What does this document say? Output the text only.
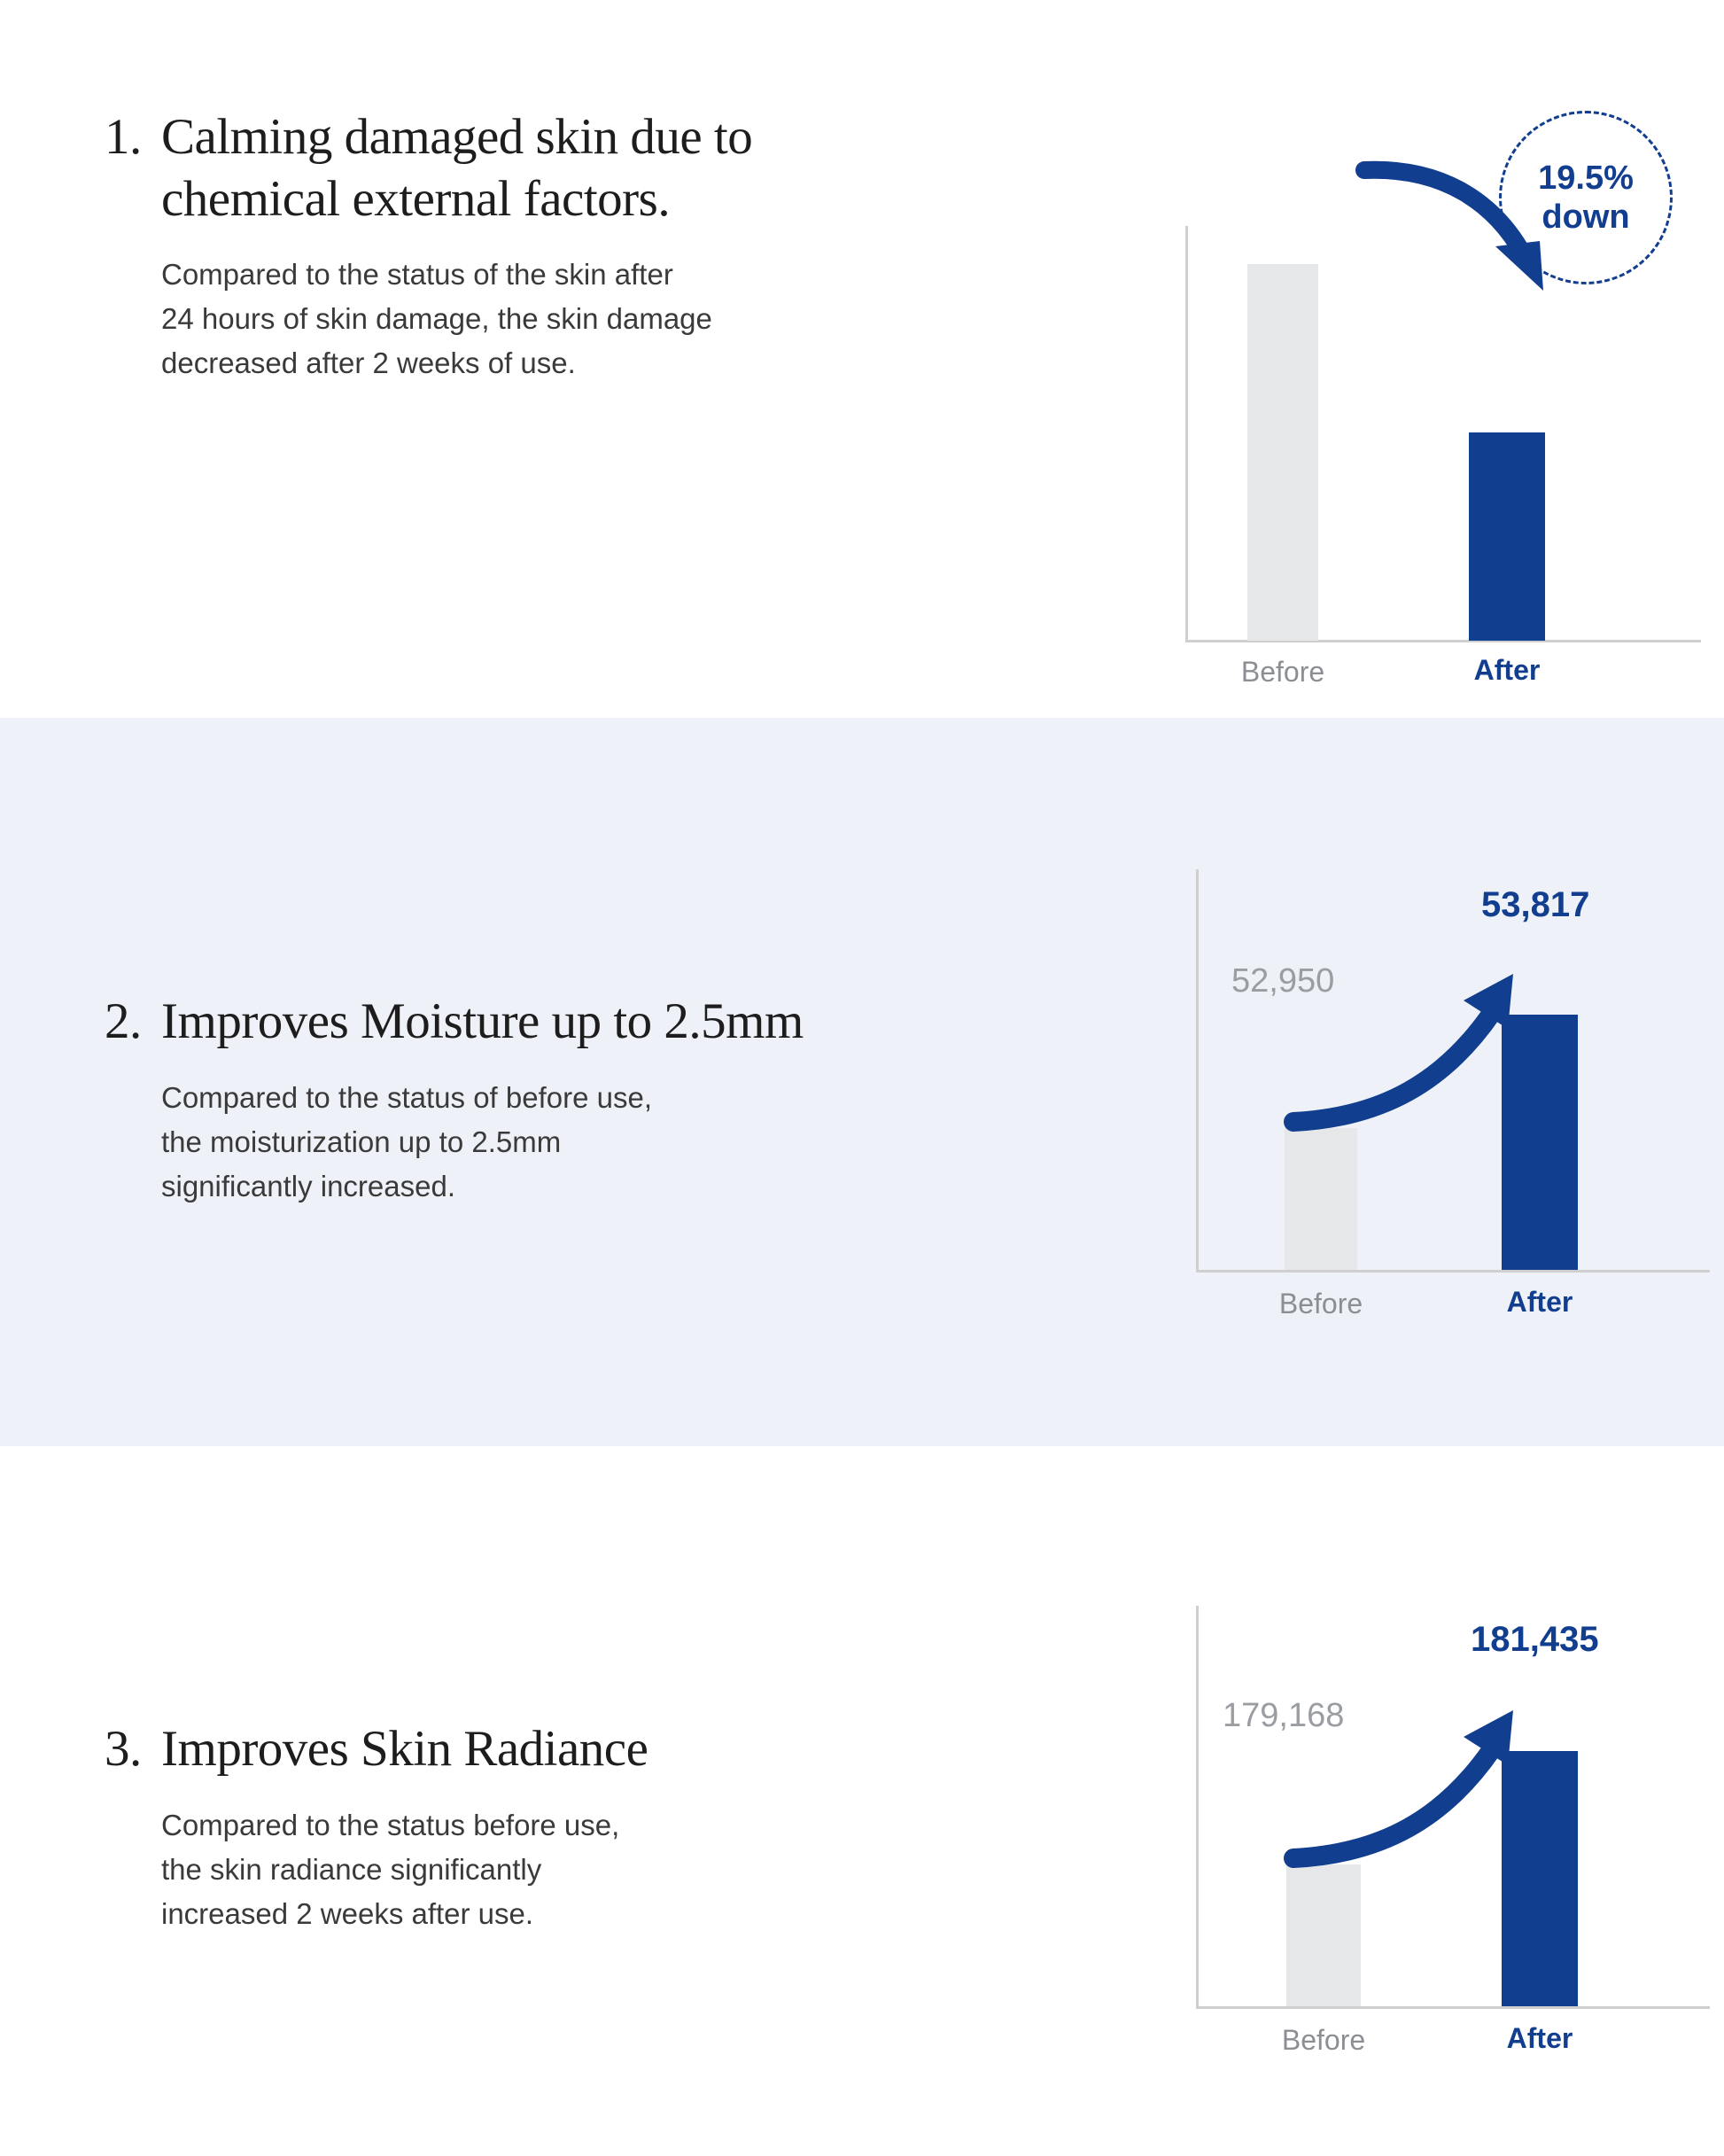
1. Calming damaged skin due to
chemical external factors.
Compared to the status of the skin after
24 hours of skin damage, the skin damage
decreased after 2 weeks of use.
Before	After
19.5%
down
2. Improves Moisture up to 2.5mm
Compared to the status of before use,
the moisturization up to 2.5mm
significantly increased.
52,950
53,817
Before	After
3. Improves Skin Radiance
Compared to the status before use,
the skin radiance significantly
increased 2 weeks after use.
179,168
181,435
Before	After
